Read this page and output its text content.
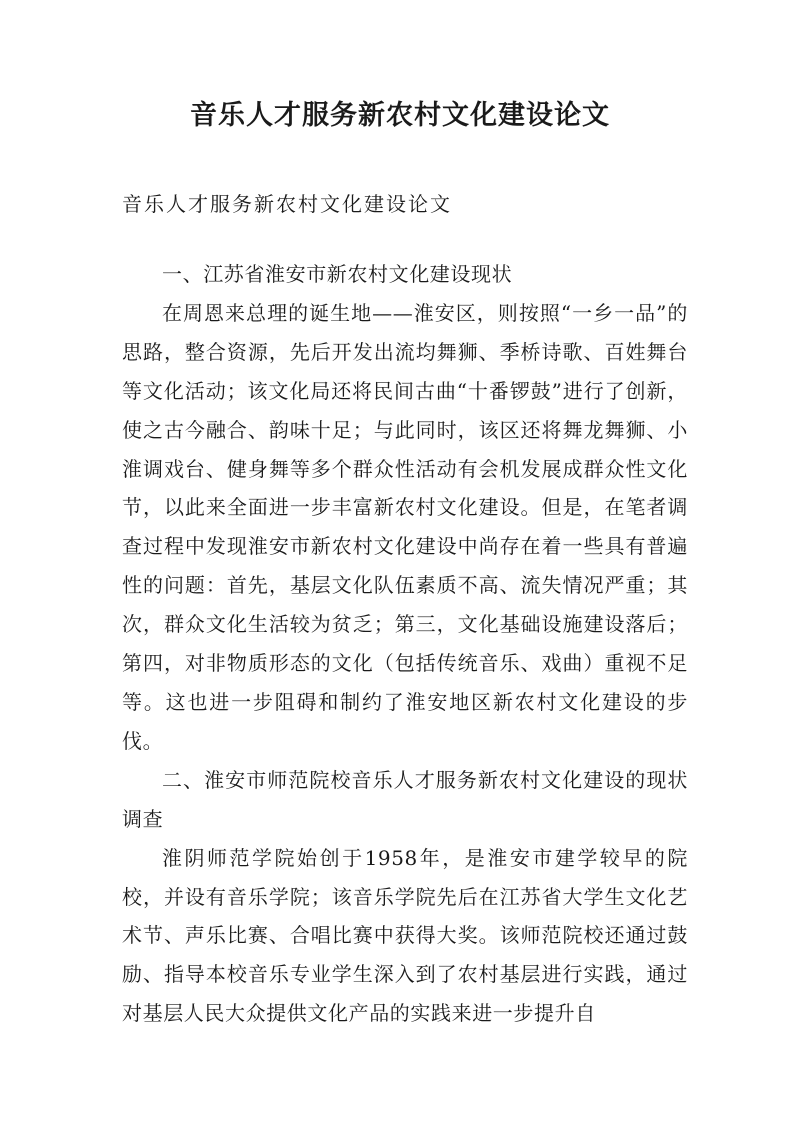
音乐人才服务新农村文化建设论文

音乐人才服务新农村文化建设论文

一、江苏省淮安市新农村文化建设现状

在周恩来总理的诞生地——淮安区，则按照“一乡一品”的思路，整合资源，先后开发出流均舞狮、季桥诗歌、百姓舞台等文化活动；该文化局还将民间古曲“十番锣鼓”进行了创新，使之古今融合、韵味十足；与此同时，该区还将舞龙舞狮、小淮调戏台、健身舞等多个群众性活动有会机发展成群众性文化节，以此来全面进一步丰富新农村文化建设。但是，在笔者调查过程中发现淮安市新农村文化建设中尚存在着一些具有普遍性的问题：首先，基层文化队伍素质不高、流失情况严重；其次，群众文化生活较为贫乏；第三，文化基础设施建设落后；第四，对非物质形态的文化（包括传统音乐、戏曲）重视不足等。这也进一步阻碍和制约了淮安地区新农村文化建设的步伐。

二、淮安市师范院校音乐人才服务新农村文化建设的现状调查

淮阴师范学院始创于1958年，是淮安市建学较早的院校，并设有音乐学院；该音乐学院先后在江苏省大学生文化艺术节、声乐比赛、合唱比赛中获得大奖。该师范院校还通过鼓励、指导本校音乐专业学生深入到了农村基层进行实践，通过对基层人民大众提供文化产品的实践来进一步提升自
